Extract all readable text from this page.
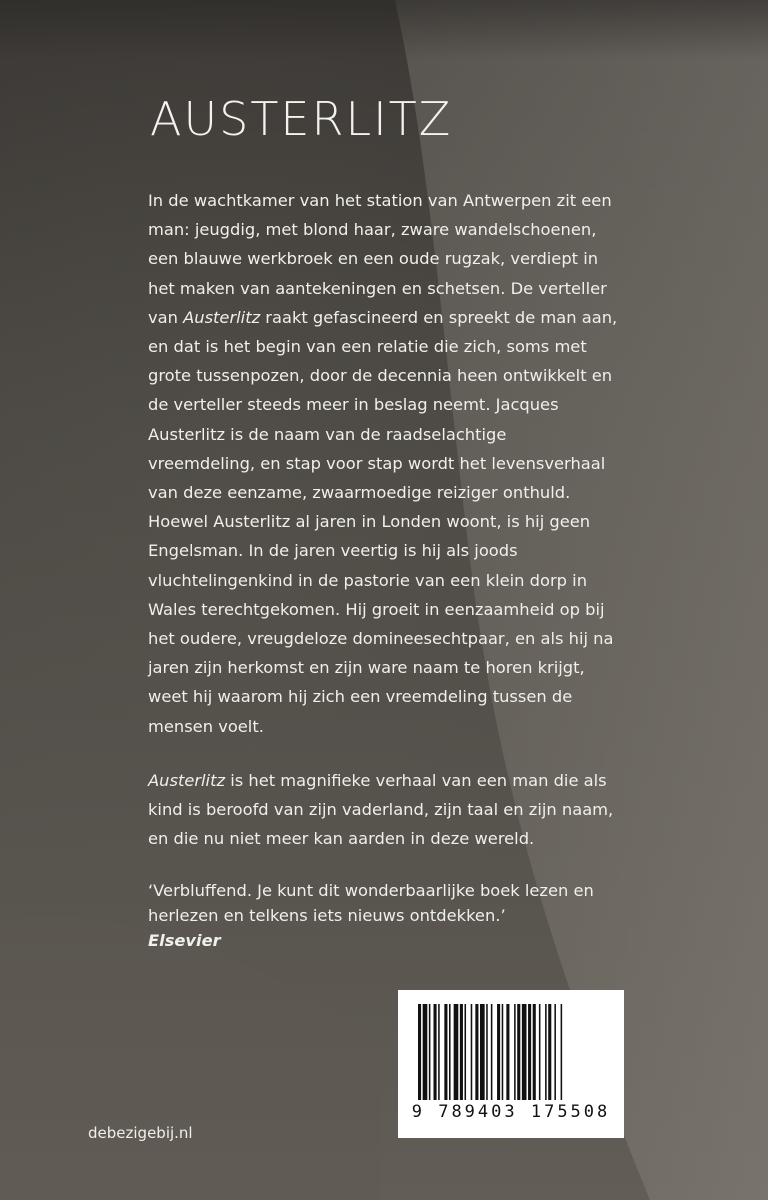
AUSTERLITZ

In de wachtkamer van het station van Antwerpen zit een man: jeugdig, met blond haar, zware wandelschoenen, een blauwe werkbroek en een oude rugzak, verdiept in het maken van aantekeningen en schetsen. De verteller van Austerlitz raakt gefascineerd en spreekt de man aan, en dat is het begin van een relatie die zich, soms met grote tussenpozen, door de decennia heen ontwikkelt en de verteller steeds meer in beslag neemt. Jacques Austerlitz is de naam van de raadselachtige vreemdeling, en stap voor stap wordt het levensverhaal van deze eenzame, zwaarmoedige reiziger onthuld. Hoewel Austerlitz al jaren in Londen woont, is hij geen Engelsman. In de jaren veertig is hij als joods vluchtelingenkind in de pastorie van een klein dorp in Wales terechtgekomen. Hij groeit in eenzaamheid op bij het oudere, vreugdeloze domineesechtpaar, en als hij na jaren zijn herkomst en zijn ware naam te horen krijgt, weet hij waarom hij zich een vreemdeling tussen de mensen voelt.

Austerlitz is het magnifieke verhaal van een man die als kind is beroofd van zijn vaderland, zijn taal en zijn naam, en die nu niet meer kan aarden in deze wereld.

‘Verbluffend. Je kunt dit wonderbaarlijke boek lezen en herlezen en telkens iets nieuws ontdekken.’

Elsevier

9 789403 175508
debezigebij.nl
